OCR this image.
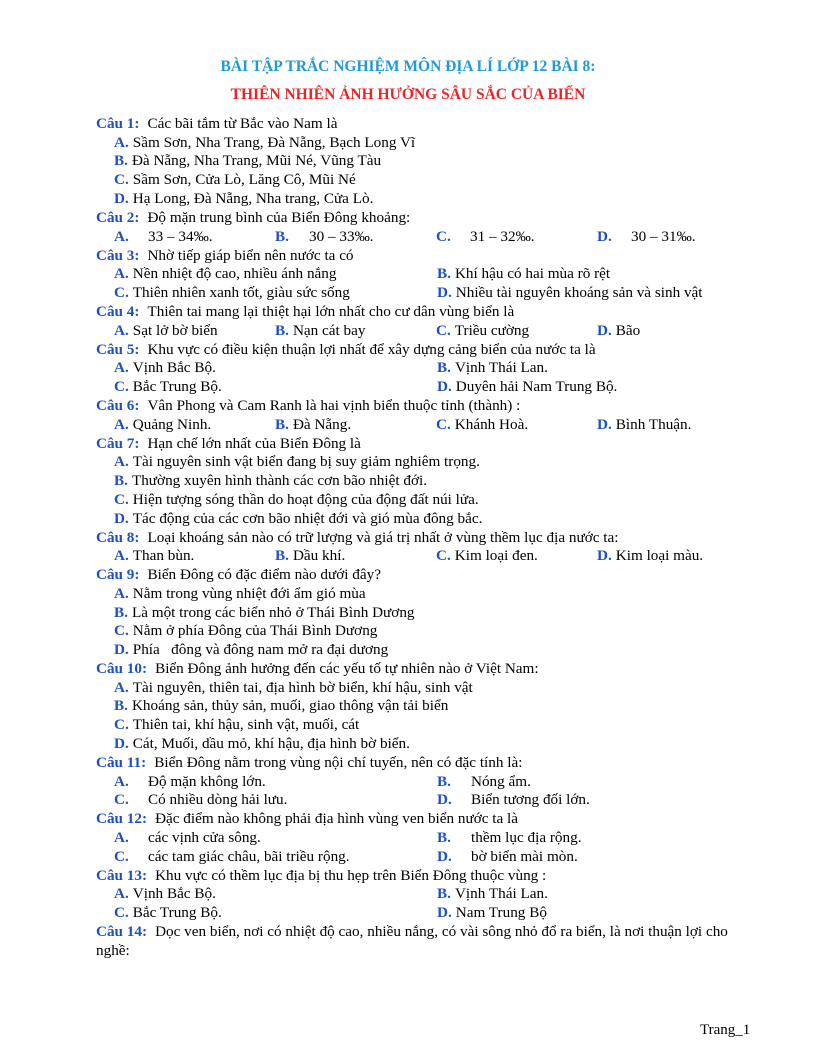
BÀI TẬP TRẮC NGHIỆM MÔN ĐỊA LÍ LỚP 12 BÀI 8:
THIÊN NHIÊN ẢNH HƯỞNG SÂU SẮC CỦA BIỂN
Câu 1: Các bãi tắm từ Bắc vào Nam là
A. Sầm Sơn, Nha Trang, Đà Nẵng, Bạch Long Vĩ
B. Đà Nẵng, Nha Trang, Mũi Né, Vũng Tàu
C. Sầm Sơn, Cửa Lò, Lăng Cô, Mũi Né
D. Hạ Long, Đà Nẵng, Nha trang, Cửa Lò.
Câu 2: Độ mặn trung bình của Biển Đông khoảng:
A. 33 – 34‰.	B. 30 – 33‰.	C. 31 – 32‰.	D. 30 – 31‰.
Câu 3: Nhờ tiếp giáp biển nên nước ta có
A. Nền nhiệt độ cao, nhiều ánh nắng	B. Khí hậu có hai mùa rõ rệt
C. Thiên nhiên xanh tốt, giàu sức sống	D. Nhiều tài nguyên khoáng sản và sinh vật
Câu 4: Thiên tai mang lại thiệt hại lớn nhất cho cư dân vùng biển là
A. Sạt lở bờ biển	B. Nạn cát bay	C. Triều cường	D. Bão
Câu 5: Khu vực có điều kiện thuận lợi nhất để xây dựng cảng biển của nước ta là
A. Vịnh Bắc Bộ.	B. Vịnh Thái Lan.
C. Bắc Trung Bộ.	D. Duyên hải Nam Trung Bộ.
Câu 6: Vân Phong và Cam Ranh là hai vịnh biển thuộc tỉnh (thành) :
A. Quảng Ninh.	B. Đà Nẵng.	C. Khánh Hoà.	D. Bình Thuận.
Câu 7: Hạn chế lớn nhất của Biển Đông là
A. Tài nguyên sinh vật biển đang bị suy giảm nghiêm trọng.
B. Thường xuyên hình thành các cơn bão nhiệt đới.
C. Hiện tượng sóng thần do hoạt động của động đất núi lửa.
D. Tác động của các cơn bão nhiệt đới và gió mùa đông bắc.
Câu 8: Loại khoáng sản nào có trữ lượng và giá trị nhất ở vùng thềm lục địa nước ta:
A. Than bùn.	B. Dầu khí.	C. Kim loại đen.	D. Kim loại màu.
Câu 9: Biển Đông có đặc điểm nào dưới đây?
A. Nằm trong vùng nhiệt đới ẩm gió mùa
B. Là một trong các biển nhỏ ở Thái Bình Dương
C. Nằm ở phía Đông của Thái Bình Dương
D. Phía   đông và đông nam mở ra đại dương
Câu 10: Biển Đông ảnh hưởng đến các yếu tố tự nhiên nào ở Việt Nam:
A. Tài nguyên, thiên tai, địa hình bờ biển, khí hậu, sinh vật
B. Khoáng sản, thủy sản, muối, giao thông vận tải biển
C. Thiên tai, khí hậu, sinh vật, muối, cát
D. Cát, Muối, dầu mỏ, khí hậu, địa hình bờ biển.
Câu 11: Biển Đông nằm trong vùng nội chí tuyến, nên có đặc tính là:
A. Độ mặn không lớn.	B. Nóng ẩm.
C. Có nhiều dòng hải lưu.	D. Biển tương đối lớn.
Câu 12: Đặc điểm nào không phải địa hình vùng ven biển nước ta là
A. các vịnh cửa sông.	B. thềm lục địa rộng.
C. các tam giác châu, bãi triều rộng.	D. bờ biển mài mòn.
Câu 13: Khu vực có thềm lục địa bị thu hẹp trên Biển Đông thuộc vùng :
A. Vịnh Bắc Bộ.	B. Vịnh Thái Lan.
C. Bắc Trung Bộ.	D. Nam Trung Bộ
Câu 14: Dọc ven biển, nơi có nhiệt độ cao, nhiều nắng, có vài sông nhỏ đổ ra biển, là nơi thuận lợi cho nghề:
Trang_1
